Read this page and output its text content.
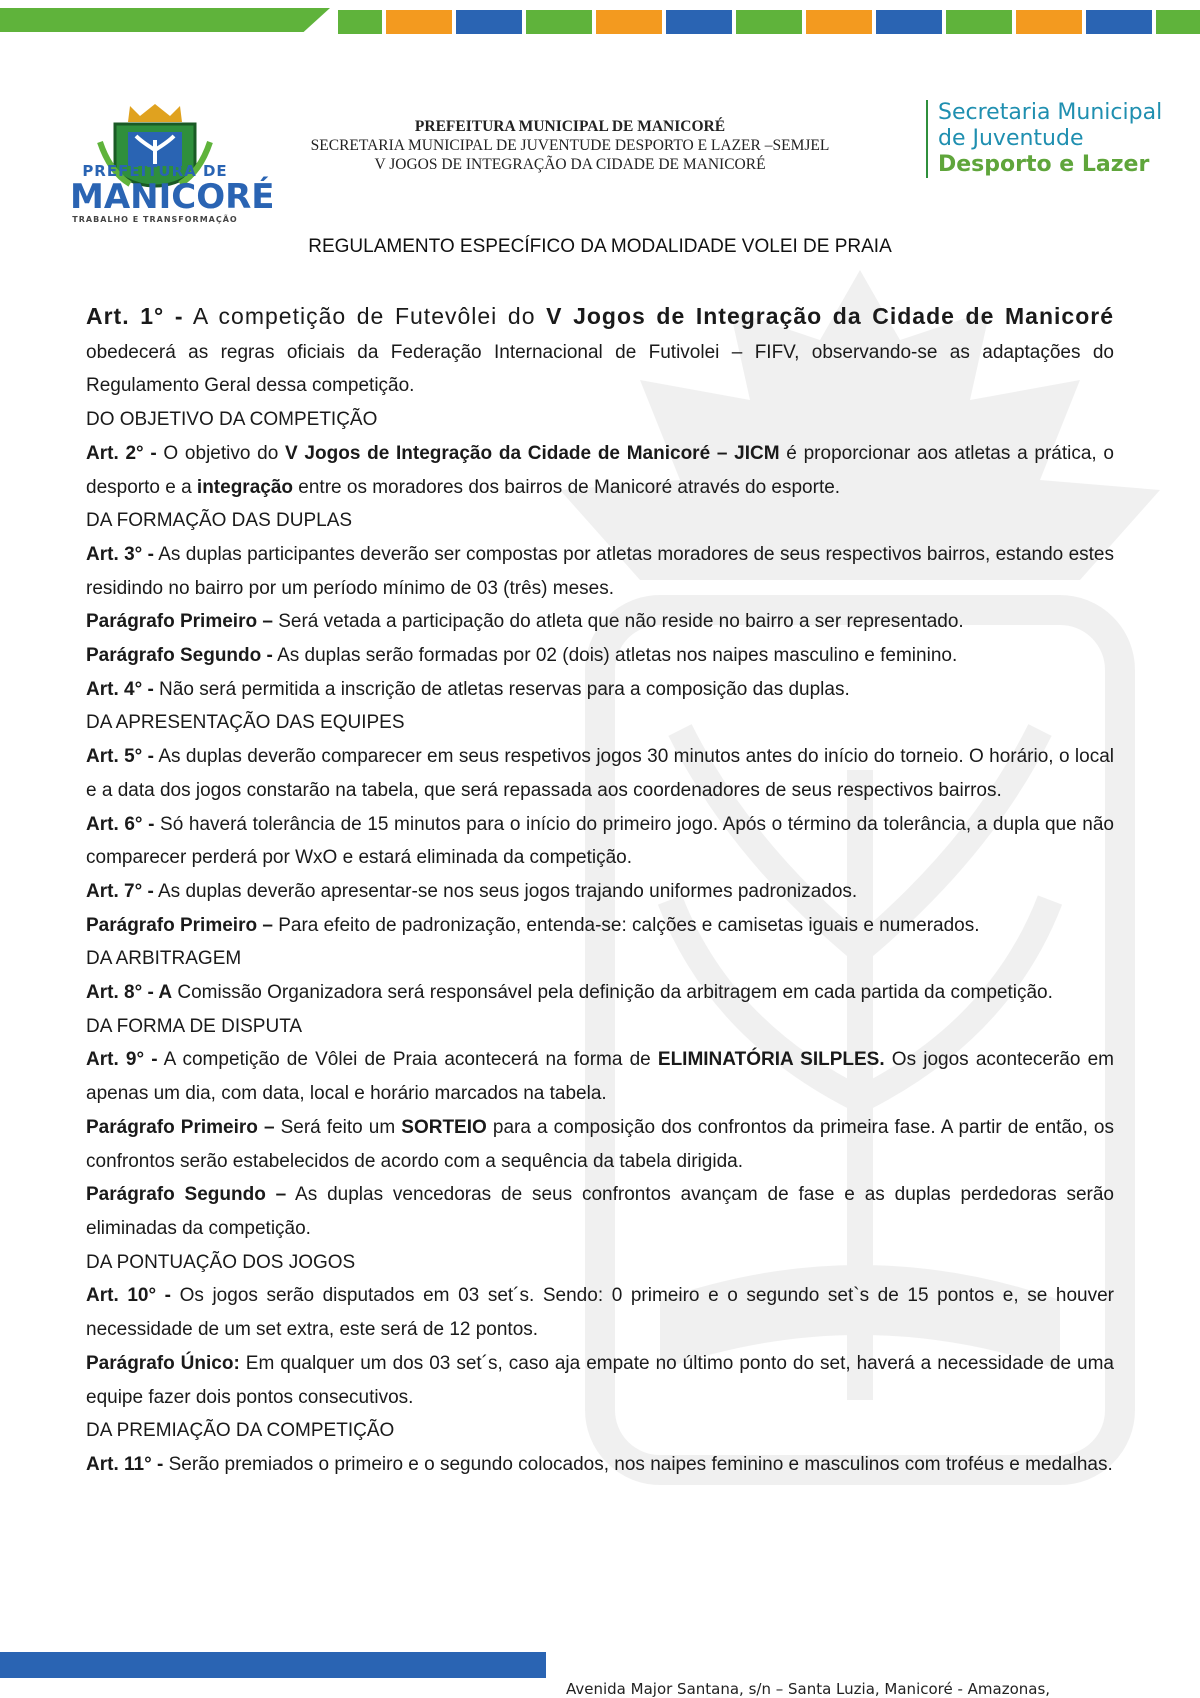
PREFEITURA DE
MANICORÉ
TRABALHO E TRANSFORMAÇÃO
PREFEITURA MUNICIPAL DE MANICORÉ
SECRETARIA MUNICIPAL DE JUVENTUDE DESPORTO E LAZER –SEMJEL
V JOGOS DE INTEGRAÇÃO DA CIDADE DE MANICORÉ
Secretaria Municipal
de Juventude
Desporto e Lazer
REGULAMENTO ESPECÍFICO DA MODALIDADE VOLEI DE PRAIA

Art. 1° - A competição de Futevôlei do V Jogos de Integração da Cidade de Manicoré obedecerá as regras oficiais da Federação Internacional de Futivolei – FIFV, observando-se as adaptações do Regulamento Geral dessa competição.

DO OBJETIVO DA COMPETIÇÃO

Art. 2° - O objetivo do V Jogos de Integração da Cidade de Manicoré – JICM é proporcionar aos atletas a prática, o desporto e a integração entre os moradores dos bairros de Manicoré através do esporte.

DA FORMAÇÃO DAS DUPLAS

Art. 3° - As duplas participantes deverão ser compostas por atletas moradores de seus respectivos bairros, estando estes residindo no bairro por um período mínimo de 03 (três) meses.

Parágrafo Primeiro – Será vetada a participação do atleta que não reside no bairro a ser representado.

Parágrafo Segundo - As duplas serão formadas por 02 (dois) atletas nos naipes masculino e feminino.

Art. 4° - Não será permitida a inscrição de atletas reservas para a composição das duplas.

DA APRESENTAÇÃO DAS EQUIPES

Art. 5° - As duplas deverão comparecer em seus respetivos jogos 30 minutos antes do início do torneio. O horário, o local e a data dos jogos constarão na tabela, que será repassada aos coordenadores de seus respectivos bairros.

Art. 6° - Só haverá tolerância de 15 minutos para o início do primeiro jogo. Após o término da tolerância, a dupla que não comparecer perderá por WxO e estará eliminada da competição.

Art. 7° - As duplas deverão apresentar-se nos seus jogos trajando uniformes padronizados.

Parágrafo Primeiro – Para efeito de padronização, entenda-se: calções e camisetas iguais e numerados.

DA ARBITRAGEM

Art. 8° - A Comissão Organizadora será responsável pela definição da arbitragem em cada partida da competição.

DA FORMA DE DISPUTA

Art. 9° - A competição de Vôlei de Praia acontecerá na forma de ELIMINATÓRIA SILPLES. Os jogos acontecerão em apenas um dia, com data, local e horário marcados na tabela.

Parágrafo Primeiro – Será feito um SORTEIO para a composição dos confrontos da primeira fase. A partir de então, os confrontos serão estabelecidos de acordo com a sequência da tabela dirigida.

Parágrafo Segundo – As duplas vencedoras de seus confrontos avançam de fase e as duplas perdedoras serão eliminadas da competição.

DA PONTUAÇÃO DOS JOGOS

Art. 10° - Os jogos serão disputados em 03 set´s. Sendo: 0 primeiro e o segundo set`s de 15 pontos e, se houver necessidade de um set extra, este será de 12 pontos.

Parágrafo Único: Em qualquer um dos 03 set´s, caso aja empate no último ponto do set, haverá a necessidade de uma equipe fazer dois pontos consecutivos.

DA PREMIAÇÃO DA COMPETIÇÃO

Art. 11° - Serão premiados o primeiro e o segundo colocados, nos naipes feminino e masculinos com troféus e medalhas.

Avenida Major Santana, s/n – Santa Luzia, Manicoré - Amazonas,
